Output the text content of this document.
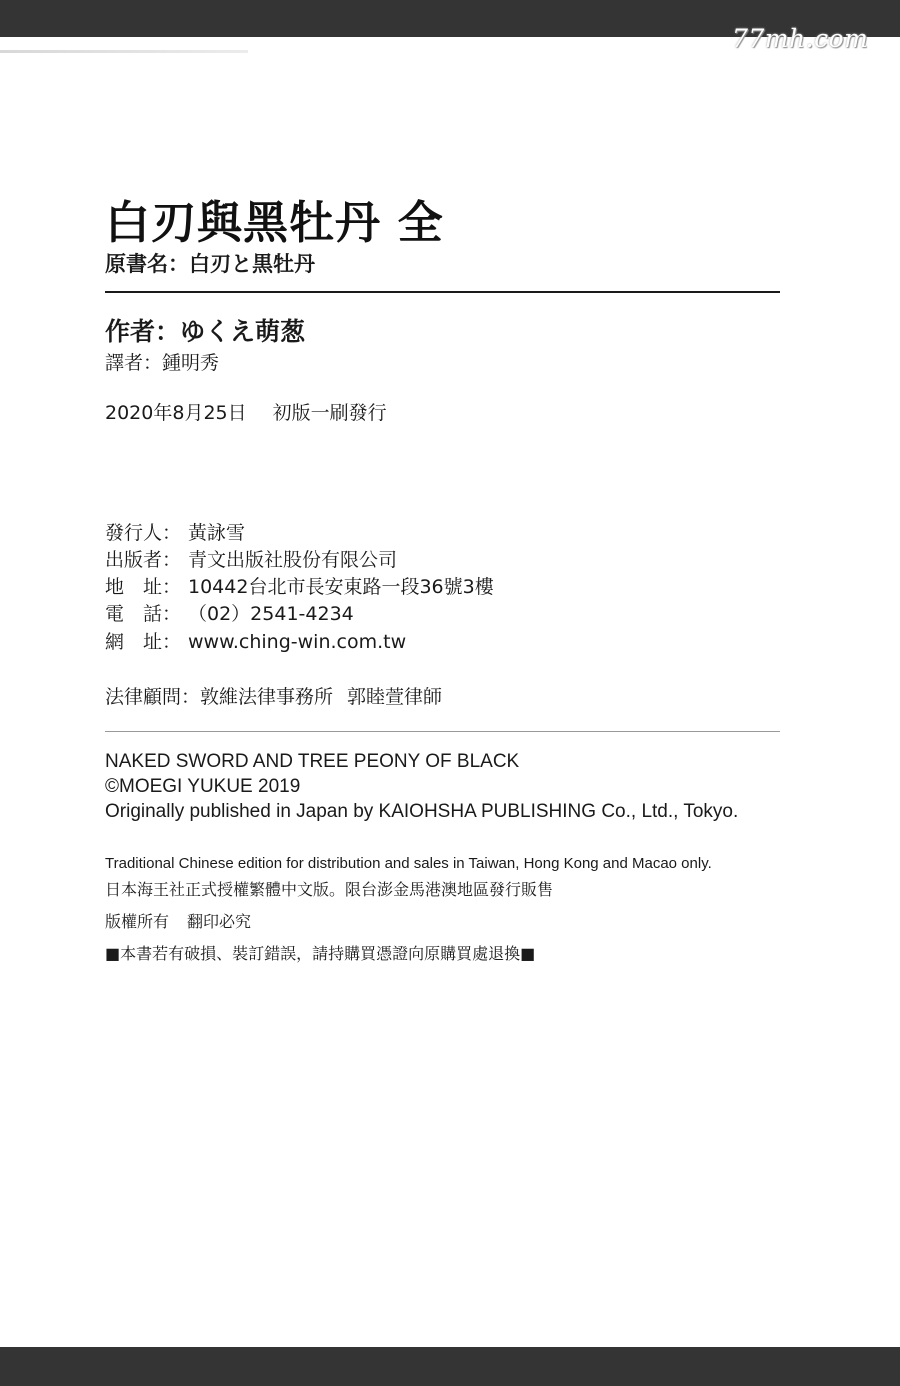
77mh.com
白刃與黑牡丹 全
原書名：白刃と黒牡丹
作者：ゆくえ萌葱
譯者：鍾明秀
2020年8月25日 初版一刷發行
發行人： 黃詠雪
出版者： 青文出版社股份有限公司
地　址： 10442台北市長安東路一段36號3樓
電　話： （02）2541-4234
網　址： www.ching-win.com.tw
法律顧問：敦維法律事務所 郭睦萱律師
NAKED SWORD AND TREE PEONY OF BLACK
©MOEGI YUKUE 2019
Originally published in Japan by KAIOHSHA PUBLISHING Co., Ltd., Tokyo.
Traditional Chinese edition for distribution and sales in Taiwan, Hong Kong and Macao only.
日本海王社正式授權繁體中文版。限台澎金馬港澳地區發行販售
版權所有 翻印必究
■本書若有破損、裝訂錯誤，請持購買憑證向原購買處退換■
